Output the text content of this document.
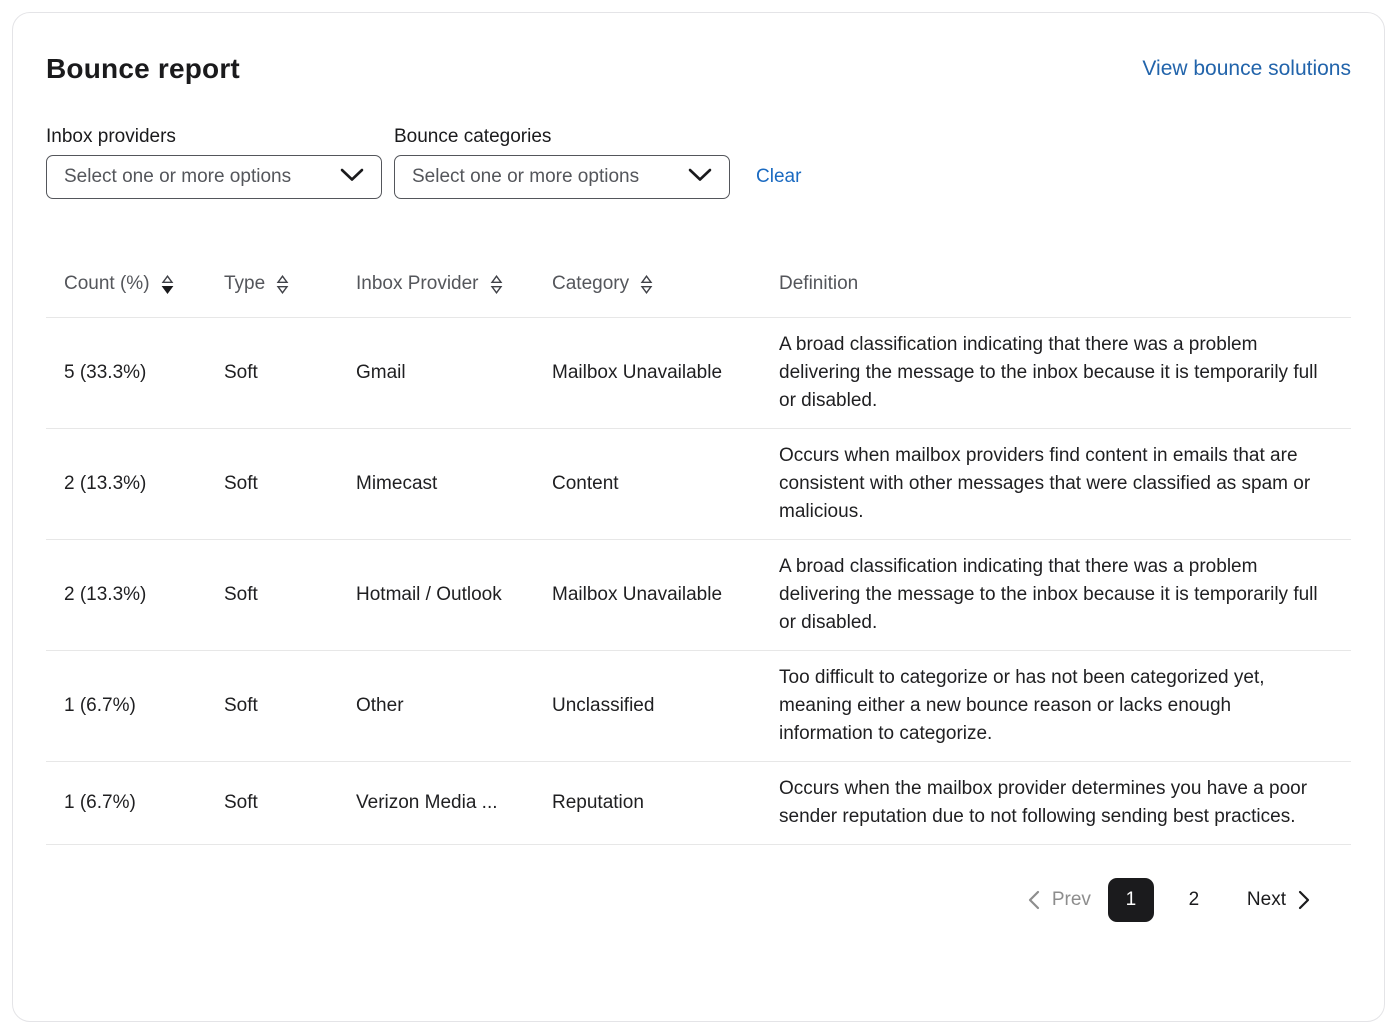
Bounce report	View bounce solutions
Inbox providers
Select one or more options
Bounce categories
Select one or more options	Clear
Count (%)	Type	Inbox Provider	Category	Definition

5 (33.3%)	Soft	Gmail	Mailbox Unavailable	A broad classification indicating that there was a problem delivering the message to the inbox because it is temporarily full or disabled.
2 (13.3%)	Soft	Mimecast	Content	Occurs when mailbox providers find content in emails that are consistent with other messages that were classified as spam or malicious.
2 (13.3%)	Soft	Hotmail / Outlook	Mailbox Unavailable	A broad classification indicating that there was a problem delivering the message to the inbox because it is temporarily full or disabled.
1 (6.7%)	Soft	Other	Unclassified	Too difficult to categorize or has not been categorized yet, meaning either a new bounce reason or lacks enough information to categorize.
1 (6.7%)	Soft	Verizon Media ...	Reputation	Occurs when the mailbox provider determines you have a poor sender reputation due to not following sending best practices.
Prev	1	2	Next
